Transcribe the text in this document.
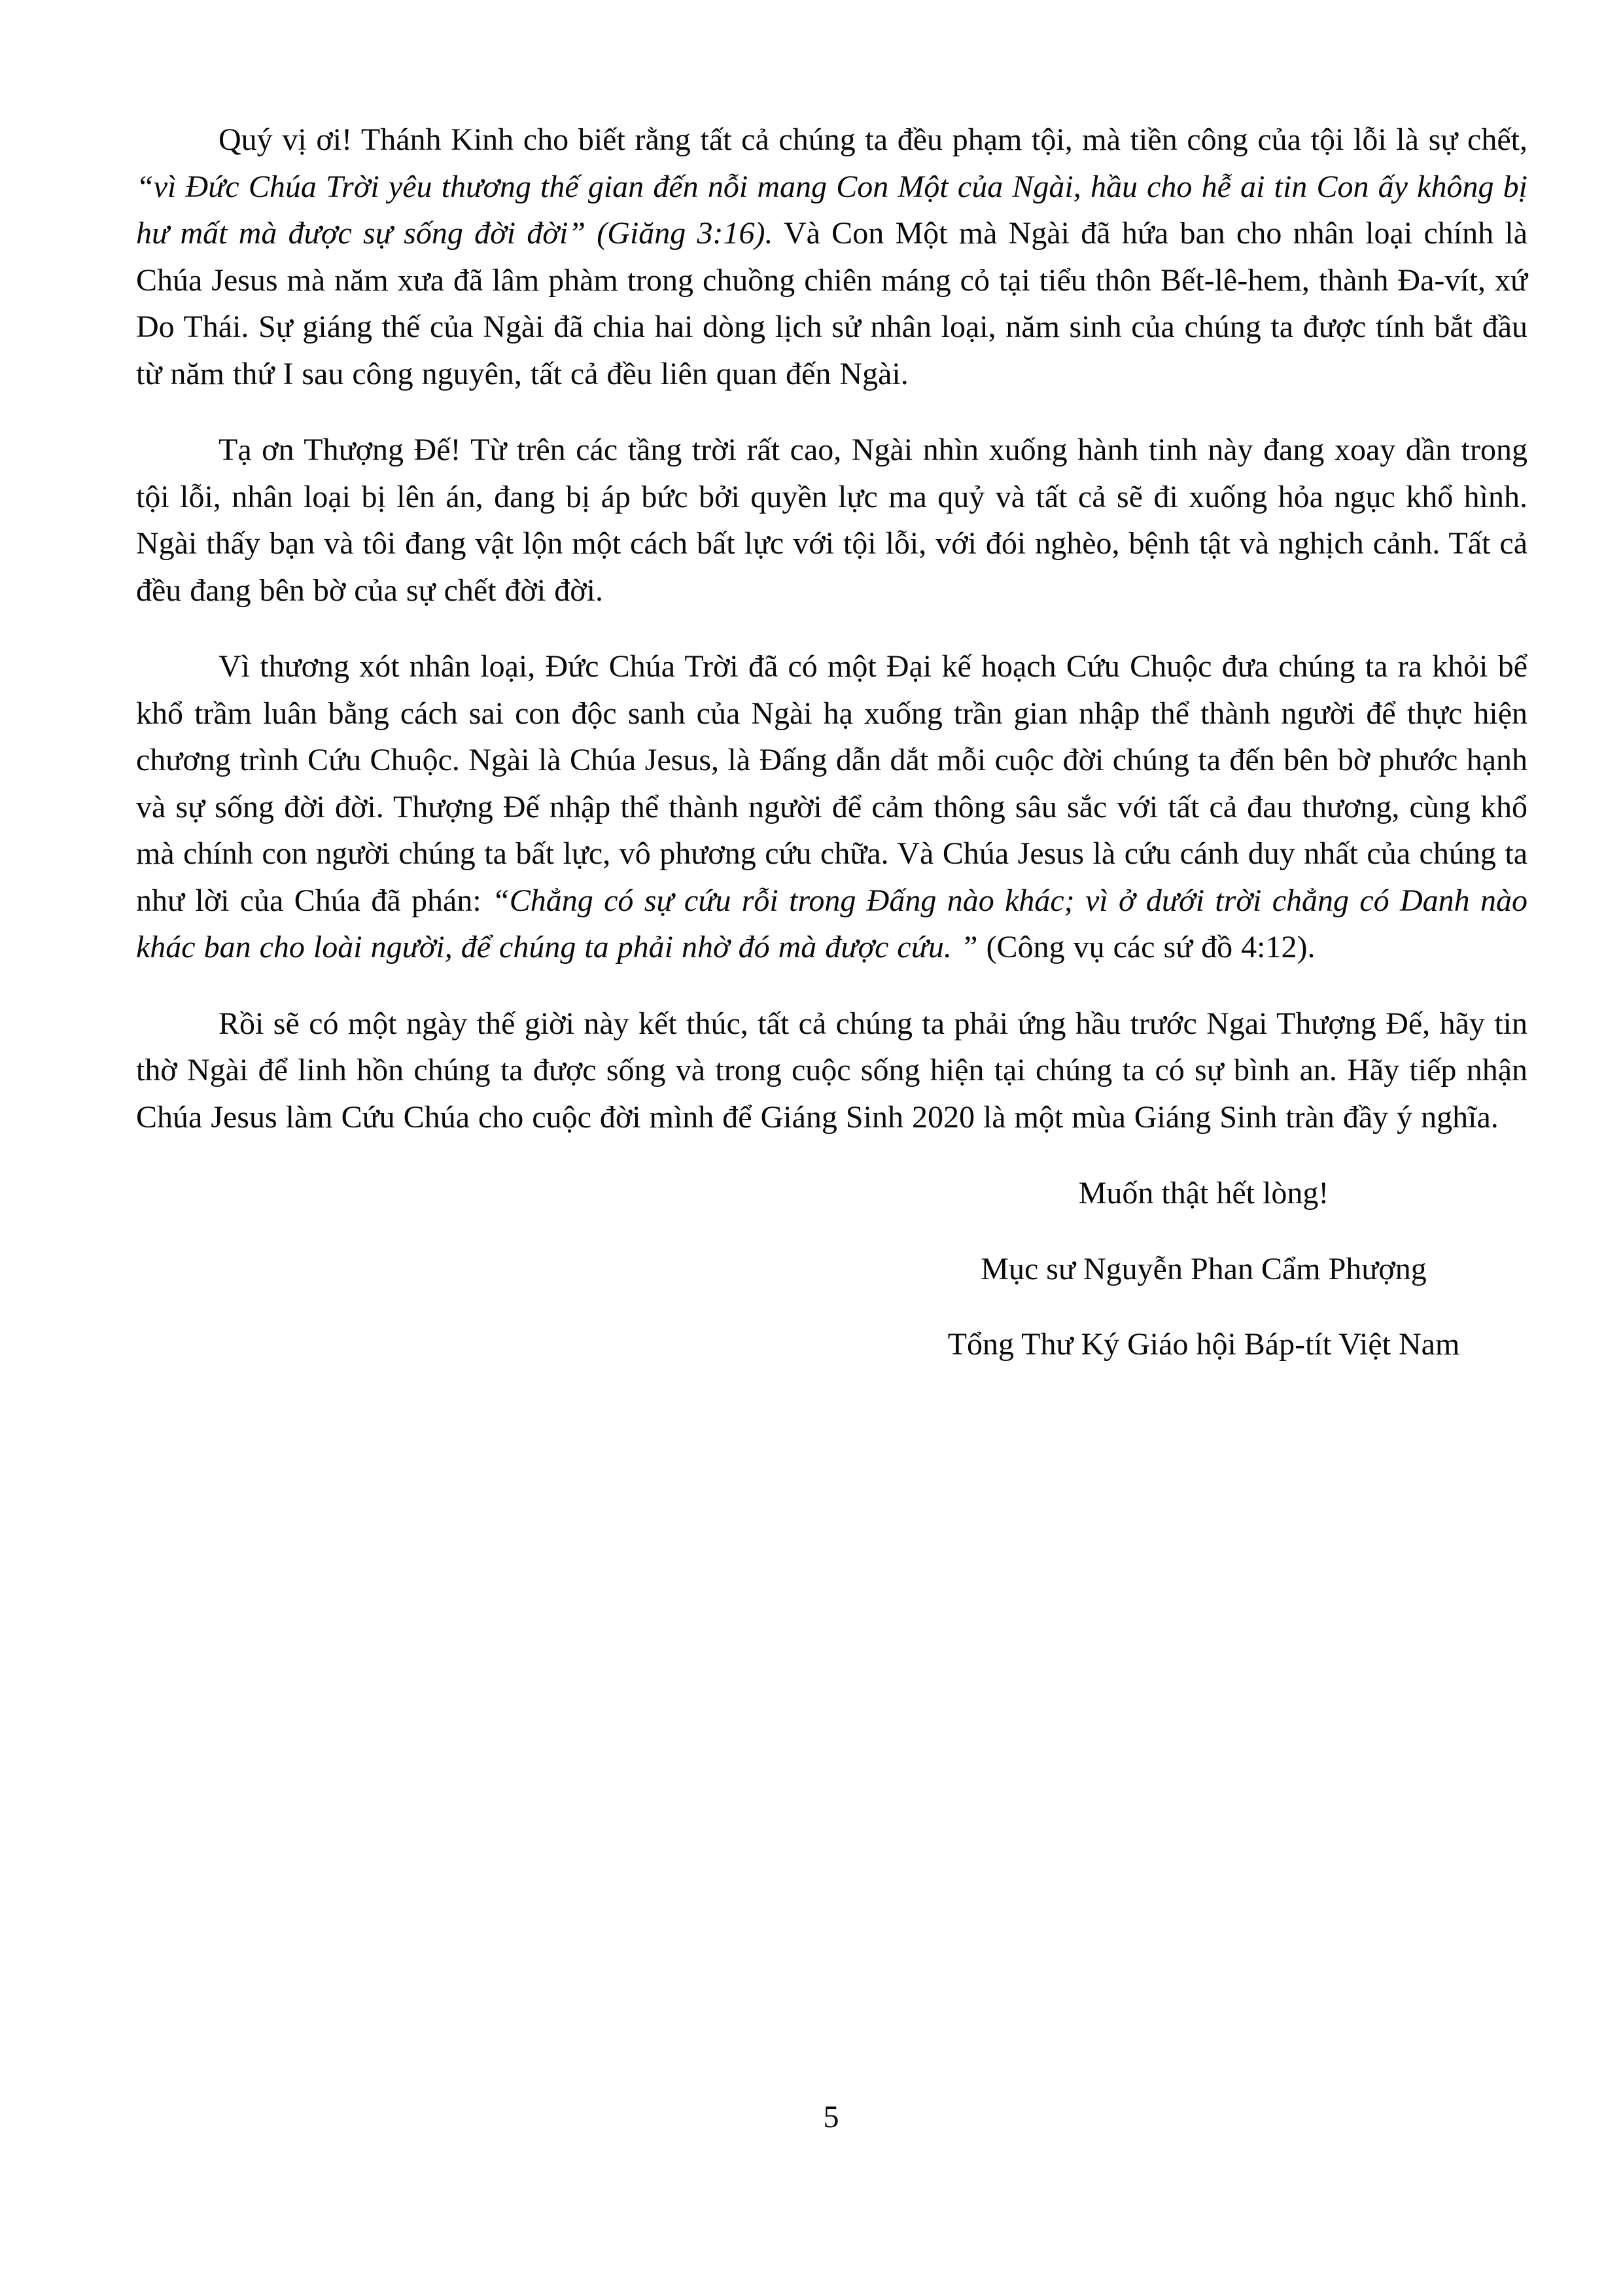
Quý vị ơi! Thánh Kinh cho biết rằng tất cả chúng ta đều phạm tội, mà tiền công của tội lỗi là sự chết, “vì Đức Chúa Trời yêu thương thế gian đến nỗi mang Con Một của Ngài, hầu cho hễ ai tin Con ấy không bị hư mất mà được sự sống đời đời” (Giăng 3:16). Và Con Một mà Ngài đã hứa ban cho nhân loại chính là Chúa Jesus mà năm xưa đã lâm phàm trong chuồng chiên máng cỏ tại tiểu thôn Bết-lê-hem, thành Đa-vít, xứ Do Thái. Sự giáng thế của Ngài đã chia hai dòng lịch sử nhân loại, năm sinh của chúng ta được tính bắt đầu từ năm thứ I sau công nguyên, tất cả đều liên quan đến Ngài.

Tạ ơn Thượng Đế! Từ trên các tầng trời rất cao, Ngài nhìn xuống hành tinh này đang xoay dần trong tội lỗi, nhân loại bị lên án, đang bị áp bức bởi quyền lực ma quỷ và tất cả sẽ đi xuống hỏa ngục khổ hình. Ngài thấy bạn và tôi đang vật lộn một cách bất lực với tội lỗi, với đói nghèo, bệnh tật và nghịch cảnh. Tất cả đều đang bên bờ của sự chết đời đời.

Vì thương xót nhân loại, Đức Chúa Trời đã có một Đại kế hoạch Cứu Chuộc đưa chúng ta ra khỏi bể khổ trầm luân bằng cách sai con độc sanh của Ngài hạ xuống trần gian nhập thể thành người để thực hiện chương trình Cứu Chuộc. Ngài là Chúa Jesus, là Đấng dẫn dắt mỗi cuộc đời chúng ta đến bên bờ phước hạnh và sự sống đời đời. Thượng Đế nhập thể thành người để cảm thông sâu sắc với tất cả đau thương, cùng khổ mà chính con người chúng ta bất lực, vô phương cứu chữa. Và Chúa Jesus là cứu cánh duy nhất của chúng ta như lời của Chúa đã phán: “Chẳng có sự cứu rỗi trong Đấng nào khác; vì ở dưới trời chẳng có Danh nào khác ban cho loài người, để chúng ta phải nhờ đó mà được cứu. ” (Công vụ các sứ đồ 4:12).

Rồi sẽ có một ngày thế giời này kết thúc, tất cả chúng ta phải ứng hầu trước Ngai Thượng Đế, hãy tin thờ Ngài để linh hồn chúng ta được sống và trong cuộc sống hiện tại chúng ta có sự bình an. Hãy tiếp nhận Chúa Jesus làm Cứu Chúa cho cuộc đời mình để Giáng Sinh 2020 là một mùa Giáng Sinh tràn đầy ý nghĩa.

Muốn thật hết lòng!
Mục sư Nguyễn Phan Cẩm Phượng
Tổng Thư Ký Giáo hội Báp-tít Việt Nam
5
